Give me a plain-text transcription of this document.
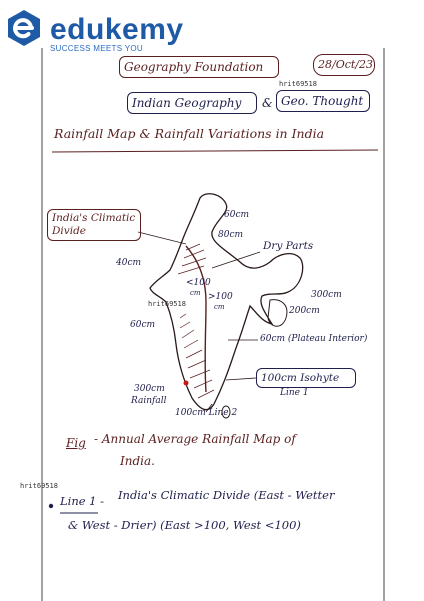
edukemy
SUCCESS MEETS YOU
Geography Foundation	28/Oct/23
hrit69518
Indian Geography	& Geo. Thought
Rainfall Map & Rainfall Variations in India
India's Climatic Divide
60cm
80cm
Dry Parts
40cm
<100
cm >100
cm
300cm
200cm
hrit69518
60cm
60cm (Plateau Interior)
100cm Isohyte
Line 1
300cm
Rainfall
100cm Line 2
Fig - Annual Average Rainfall Map of
India.
hrit69518
Line 1 - India's Climatic Divide (East - Wetter
& West - Drier) (East >100, West <100)
